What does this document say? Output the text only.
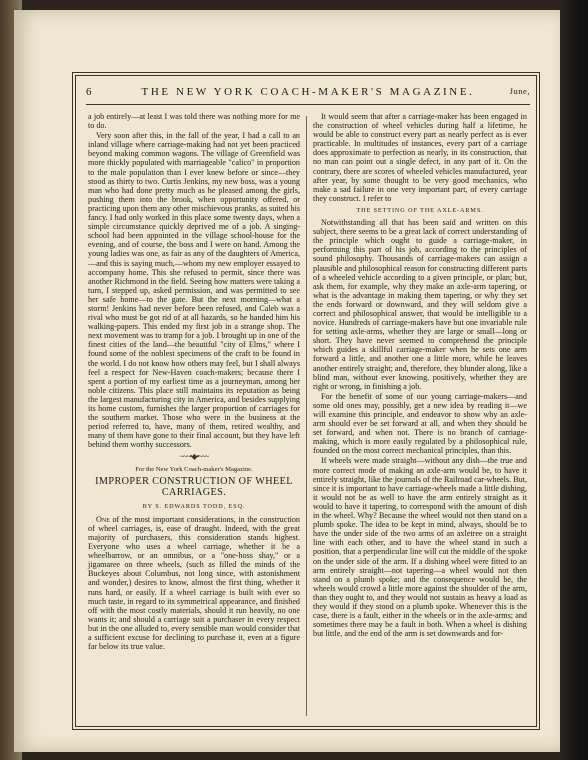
6	THE NEW YORK COACH-MAKER'S MAGAZINE.	June,

a job entirely—at least I was told there was nothing more for me to do.

Very soon after this, in the fall of the year, I had a call to an inland village where carriage-making had not yet been practiced beyond making common wagons. The village of Greenfield was more thickly populated with marriageable "calico" in proportion to the male population than I ever knew before or since—they stood as thirty to two. Curtis Jenkins, my new boss, was a young man who had done pretty much as he pleased among the girls, pushing them into the brook, when opportunity offered, or practicing upon them any other mischievous pranks, as suited his fancy. I had only worked in this place some twenty days, when a simple circumstance quickly deprived me of a job. A singing-school had been appointed in the village school-house for the evening, and of course, the boss and I were on hand. Among the young ladies was one, as fair as any of the daughters of America,—and this is saying much,—whom my new employer essayed to accompany home. This she refused to permit, since there was another Richmond in the field. Seeing how matters were taking a turn, I stepped up, asked permission, and was permitted to see her safe home—to the gate. But the next morning—what a storm! Jenkins had never before been refused, and Caleb was a rival who must be got rid of at all hazards, so he handed him his walking-papers. This ended my first job in a strange shop. The next movement was to tramp for a job. I brought up in one of the finest cities of the land—the beautiful "city of Elms," where I found some of the noblest specimens of the craft to be found in the world. I do not know how others may feel, but I shall always feel a respect for New-Haven coach-makers; because there I spent a portion of my earliest time as a journeyman, among her noble citizens. This place still maintains its reputation as being the largest manufacturing city in America, and besides supplying its home custom, furnishes the larger proportion of carriages for the southern market. Those who were in the business at the period referred to, have, many of them, retired wealthy, and many of them have gone to their final account, but they have left behind them worthy successors.

~~~•◆•~~~

For the New York Coach-maker's Magazine.

IMPROPER CONSTRUCTION OF WHEEL CARRIAGES.
BY S. EDWARDS TODD, ESQ.

One of the most important considerations, in the construction of wheel carriages, is, ease of draught. Indeed, with the great majority of purchasers, this consideration stands highest. Everyone who uses a wheel carriage, whether it be a wheelbarrow, or an omnibus, or a "one-hoss shay," or a jigamaree on three wheels, (such as filled the minds of the Buckeyes about Columbus, not long since, with astonishment and wonder,) desires to know, almost the first thing, whether it runs hard, or easily. If a wheel carriage is built with ever so much taste, in regard to its symmetrical appearance, and finished off with the most costly materials, should it run heavily, no one wants it; and should a carriage suit a purchaser in every respect but in the one alluded to, every sensible man would consider that a sufficient excuse for declining to purchase it, even at a figure far below its true value.

It would seem that after a carriage-maker has been engaged in the construction of wheel vehicles during half a lifetime, he would be able to construct every part as nearly perfect as is ever practicable. In multitudes of instances, every part of a carriage does approximate to perfection as nearly, in its construction, that no man can point out a single defect, in any part of it. On the contrary, there are scores of wheeled vehicles manufactured, year after year, by some thought to be very good mechanics, who make a sad failure in one very important part, of every carriage they construct. I refer to

THE SETTING OF THE AXLE-ARMS.

Notwithstanding all that has been said and written on this subject, there seems to be a great lack of correct understanding of the principle which ought to guide a carriage-maker, in performing this part of his job, according to the principles of sound philosophy. Thousands of carriage-makers can assign a plausible and philosophical reason for constructing different parts of a wheeled vehicle according to a given principle, or plan; but, ask them, for example, why they make an axle-arm tapering, or what is the advantage in making them tapering, or why they set the ends forward or downward, and they will seldom give a correct and philosophical answer, that would be intelligible to a novice. Hundreds of carriage-makers have but one invariable rule for setting axle-arms, whether they are large or small—long or short. They have never seemed to comprehend the principle which guides a skillful carriage-maker when he sets one arm forward a little, and another one a little more, while he leaves another entirely straight; and, therefore, they blunder along, like a blind man, without ever knowing, positively, whether they are right or wrong, in finishing a job.

For the benefit of some of our young carriage-makers—and some old ones may, possibly, get a new idea by reading it—we will examine this principle, and endeavor to show why an axle-arm should ever be set forward at all, and when they should be set forward, and when not. There is no branch of carriage-making, which is more easily regulated by a philosophical rule, founded on the most correct mechanical principles, than this.

If wheels were made straight—without any dish—the true and more correct mode of making an axle-arm would be, to have it entirely straight, like the journals of the Railroad car-wheels. But, since it is important to have carriage-wheels made a little dishing, it would not be as well to have the arm entirely straight as it would to have it tapering, to correspond with the amount of dish in the wheel. Why? Because the wheel would not then stand on a plumb spoke. The idea to be kept in mind, always, should be to have the under side of the two arms of an axletree on a straight line with each other, and to have the wheel stand in such a position, that a perpendicular line will cut the middle of the spoke on the under side of the arm. If a dishing wheel were fitted to an arm entirely straight—not tapering—a wheel would not then stand on a plumb spoke; and the consequence would be, the wheels would crowd a little more against the shoulder of the arm, than they ought to, and they would not sustain as heavy a load as they would if they stood on a plumb spoke. Whenever this is the case, there is a fault, either in the wheels or in the axle-arms; and sometimes there may be a fault in both. When a wheel is dishing but little, and the end of the arm is set downwards and for-
